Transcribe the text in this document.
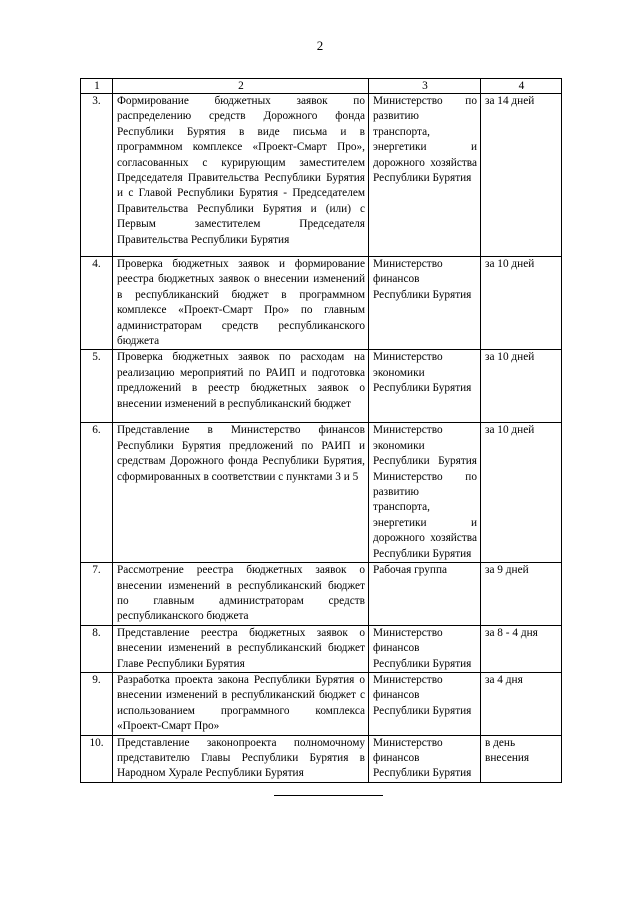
2
1	2	3	4
3.	Формирование бюджетных заявок по распределению средств Дорожного фонда Республики Бурятия в виде письма и в программном комплексе «Проект-Смарт Про», согласованных с курирующим заместителем Председателя Правительства Республики Бурятия и с Главой Республики Бурятия - Председателем Правительства Республики Бурятия и (или) с Первым заместителем Председателя Правительства Республики Бурятия	Министерство по развитию транспорта, энергетики и дорожного хозяйства Республики Бурятия	за 14 дней
4.	Проверка бюджетных заявок и формирование реестра бюджетных заявок о внесении изменений в республиканский бюджет в программном комплексе «Проект-Смарт Про» по главным администраторам средств республиканского бюджета	Министерство финансов Республики Бурятия	за 10 дней
5.	Проверка бюджетных заявок по расходам на реализацию мероприятий по РАИП и подготовка предложений в реестр бюджетных заявок о внесении изменений в республиканский бюджет	Министерство экономики Республики Бурятия	за 10 дней
6.	Представление в Министерство финансов Республики Бурятия предложений по РАИП и средствам Дорожного фонда Республики Бурятия, сформированных в соответствии с пунктами 3 и 5	Министерство экономики Республики Бурятия Министерство по развитию транспорта, энергетики и дорожного хозяйства Республики Бурятия	за 10 дней
7.	Рассмотрение реестра бюджетных заявок о внесении изменений в республиканский бюджет по главным администраторам средств республиканского бюджета	Рабочая группа	за 9 дней
8.	Представление реестра бюджетных заявок о внесении изменений в республиканский бюджет Главе Республики Бурятия	Министерство финансов Республики Бурятия	за 8 - 4 дня
9.	Разработка проекта закона Республики Бурятия о внесении изменений в республиканский бюджет с использованием программного комплекса «Проект-Смарт Про»	Министерство финансов Республики Бурятия	за 4 дня
10.	Представление законопроекта полномочному представителю Главы Республики Бурятия в Народном Хурале Республики Бурятия	Министерство финансов Республики Бурятия	в день внесения
